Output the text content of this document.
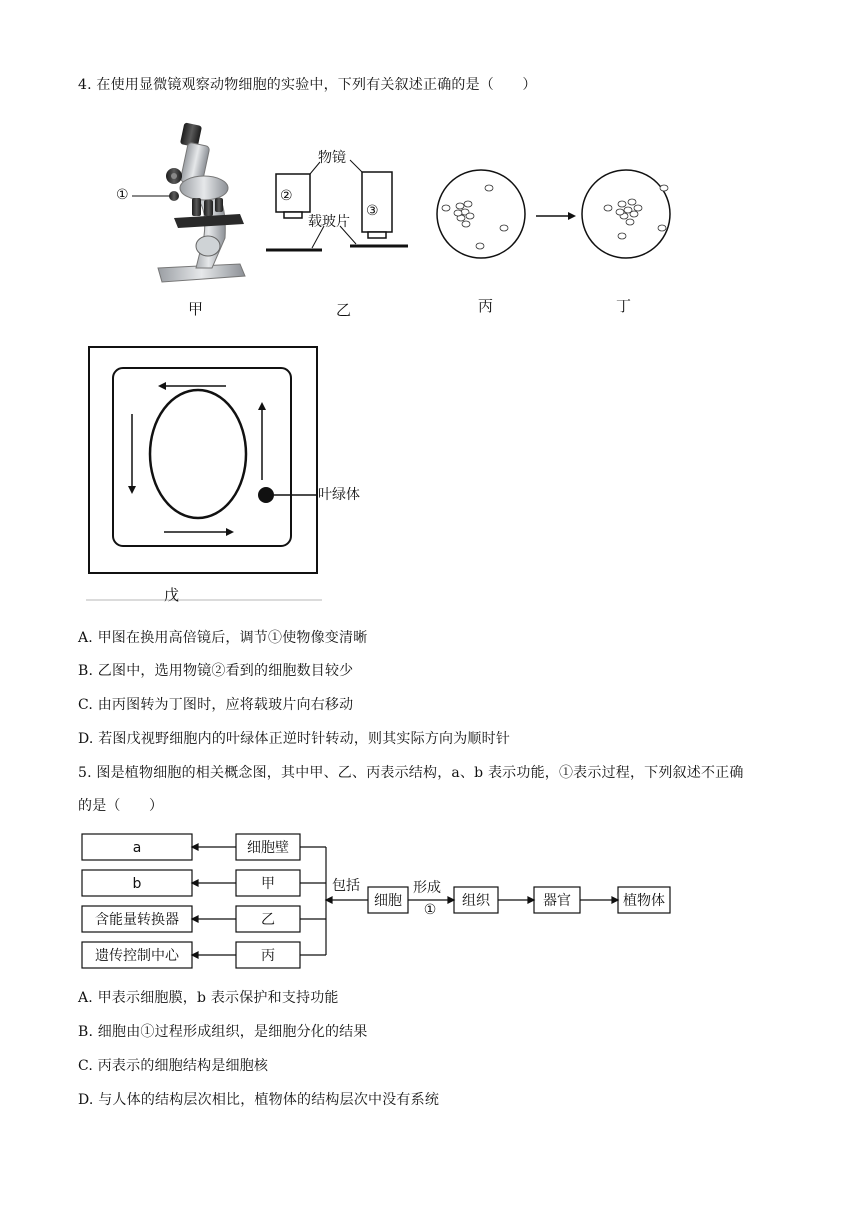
4. 在使用显微镜观察动物细胞的实验中，下列有关叙述正确的是（　　）
①
甲
物镜
载玻片
②
③
乙	丙	丁
叶绿体
戊
A. 甲图在换用高倍镜后，调节①使物像变清晰
B. 乙图中，选用物镜②看到的细胞数目较少
C. 由丙图转为丁图时，应将载玻片向右移动
D. 若图戊视野细胞内的叶绿体正逆时针转动，则其实际方向为顺时针
5. 图是植物细胞的相关概念图，其中甲、乙、丙表示结构，a、b 表示功能，①表示过程，下列叙述不正确
的是（　　）
a
b
含能量转换器
遗传控制中心
细胞壁
甲
乙
丙
包括	形成
①
细胞	组织	器官	植物体
A. 甲表示细胞膜，b 表示保护和支持功能
B. 细胞由①过程形成组织，是细胞分化的结果
C. 丙表示的细胞结构是细胞核
D. 与人体的结构层次相比，植物体的结构层次中没有系统
